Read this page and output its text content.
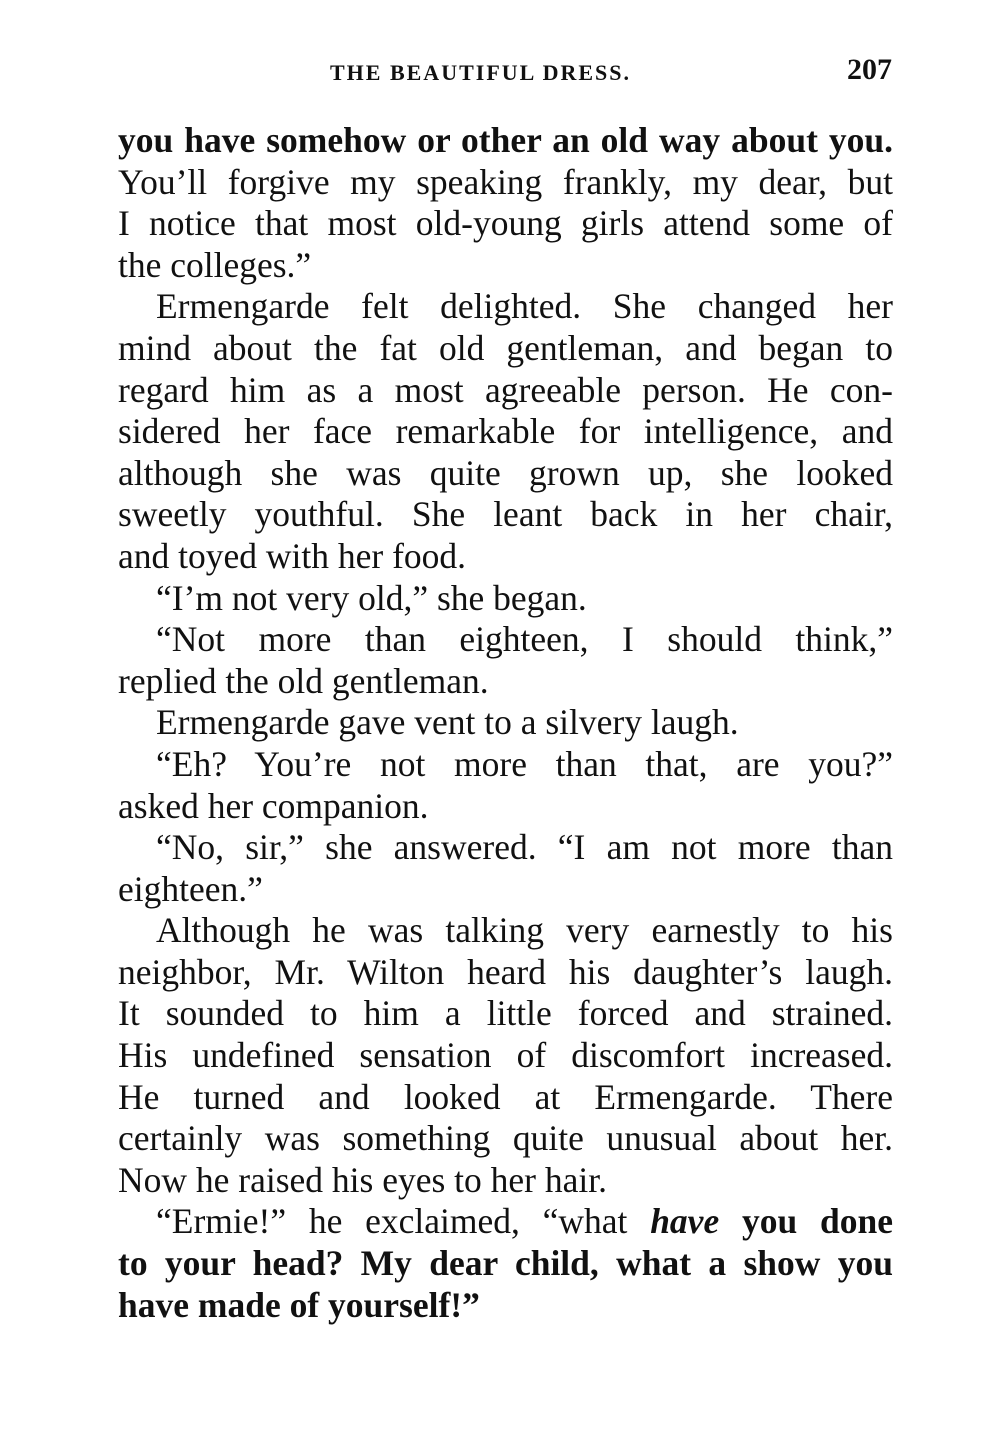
THE BEAUTIFUL DRESS.	207
you have somehow or other an old way about you.
You’ll forgive my speaking frankly, my dear, but
I notice that most old-young girls attend some of
the colleges.”
Ermengarde felt delighted. She changed her
mind about the fat old gentleman, and began to
regard him as a most agreeable person. He con-
sidered her face remarkable for intelligence, and
although she was quite grown up, she looked
sweetly youthful. She leant back in her chair,
and toyed with her food.
“I’m not very old,” she began.
“Not more than eighteen, I should think,”
replied the old gentleman.
Ermengarde gave vent to a silvery laugh.
“Eh? You’re not more than that, are you?”
asked her companion.
“No, sir,” she answered. “I am not more than
eighteen.”
Although he was talking very earnestly to his
neighbor, Mr. Wilton heard his daughter’s laugh.
It sounded to him a little forced and strained.
His undefined sensation of discomfort increased.
He turned and looked at Ermengarde. There
certainly was something quite unusual about her.
Now he raised his eyes to her hair.
“Ermie!” he exclaimed, “what have you done
to your head? My dear child, what a show you
have made of yourself!”
